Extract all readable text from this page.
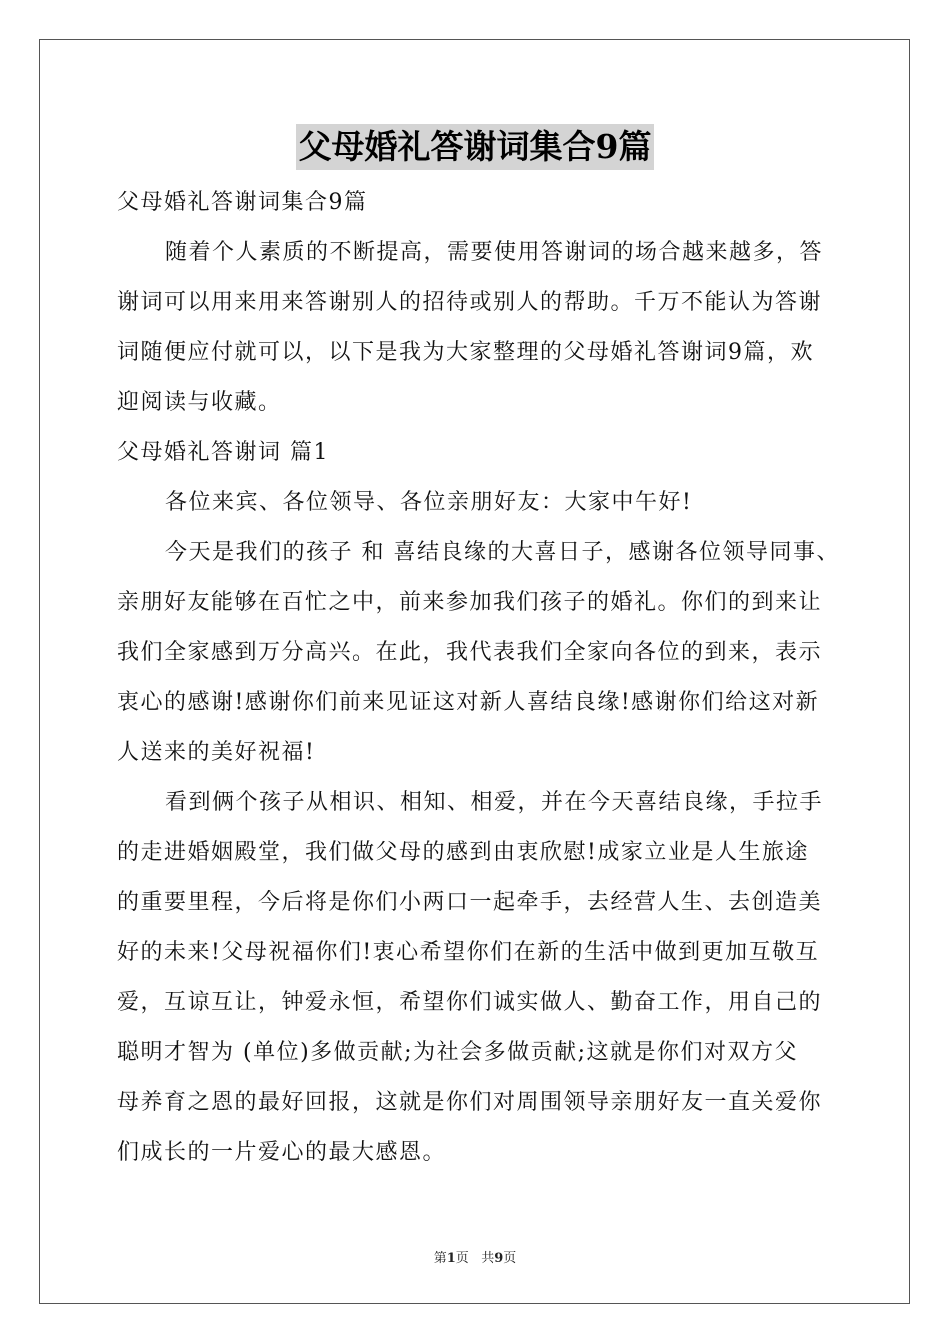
父母婚礼答谢词集合9篇
父母婚礼答谢词集合9篇
随着个人素质的不断提高，需要使用答谢词的场合越来越多，答
谢词可以用来用来答谢别人的招待或别人的帮助。千万不能认为答谢
词随便应付就可以，以下是我为大家整理的父母婚礼答谢词9篇，欢
迎阅读与收藏。
父母婚礼答谢词 篇1
各位来宾、各位领导、各位亲朋好友：大家中午好!
今天是我们的孩子 和 喜结良缘的大喜日子，感谢各位领导同事、
亲朋好友能够在百忙之中，前来参加我们孩子的婚礼。你们的到来让
我们全家感到万分高兴。在此，我代表我们全家向各位的到来，表示
衷心的感谢!感谢你们前来见证这对新人喜结良缘!感谢你们给这对新
人送来的美好祝福!
看到俩个孩子从相识、相知、相爱，并在今天喜结良缘，手拉手
的走进婚姻殿堂，我们做父母的感到由衷欣慰!成家立业是人生旅途
的重要里程，今后将是你们小两口一起牵手，去经营人生、去创造美
好的未来!父母祝福你们!衷心希望你们在新的生活中做到更加互敬互
爱，互谅互让，钟爱永恒，希望你们诚实做人、勤奋工作，用自己的
聪明才智为 (单位)多做贡献;为社会多做贡献;这就是你们对双方父
母养育之恩的最好回报，这就是你们对周围领导亲朋好友一直关爱你
们成长的一片爱心的最大感恩。
第1页 共9页
